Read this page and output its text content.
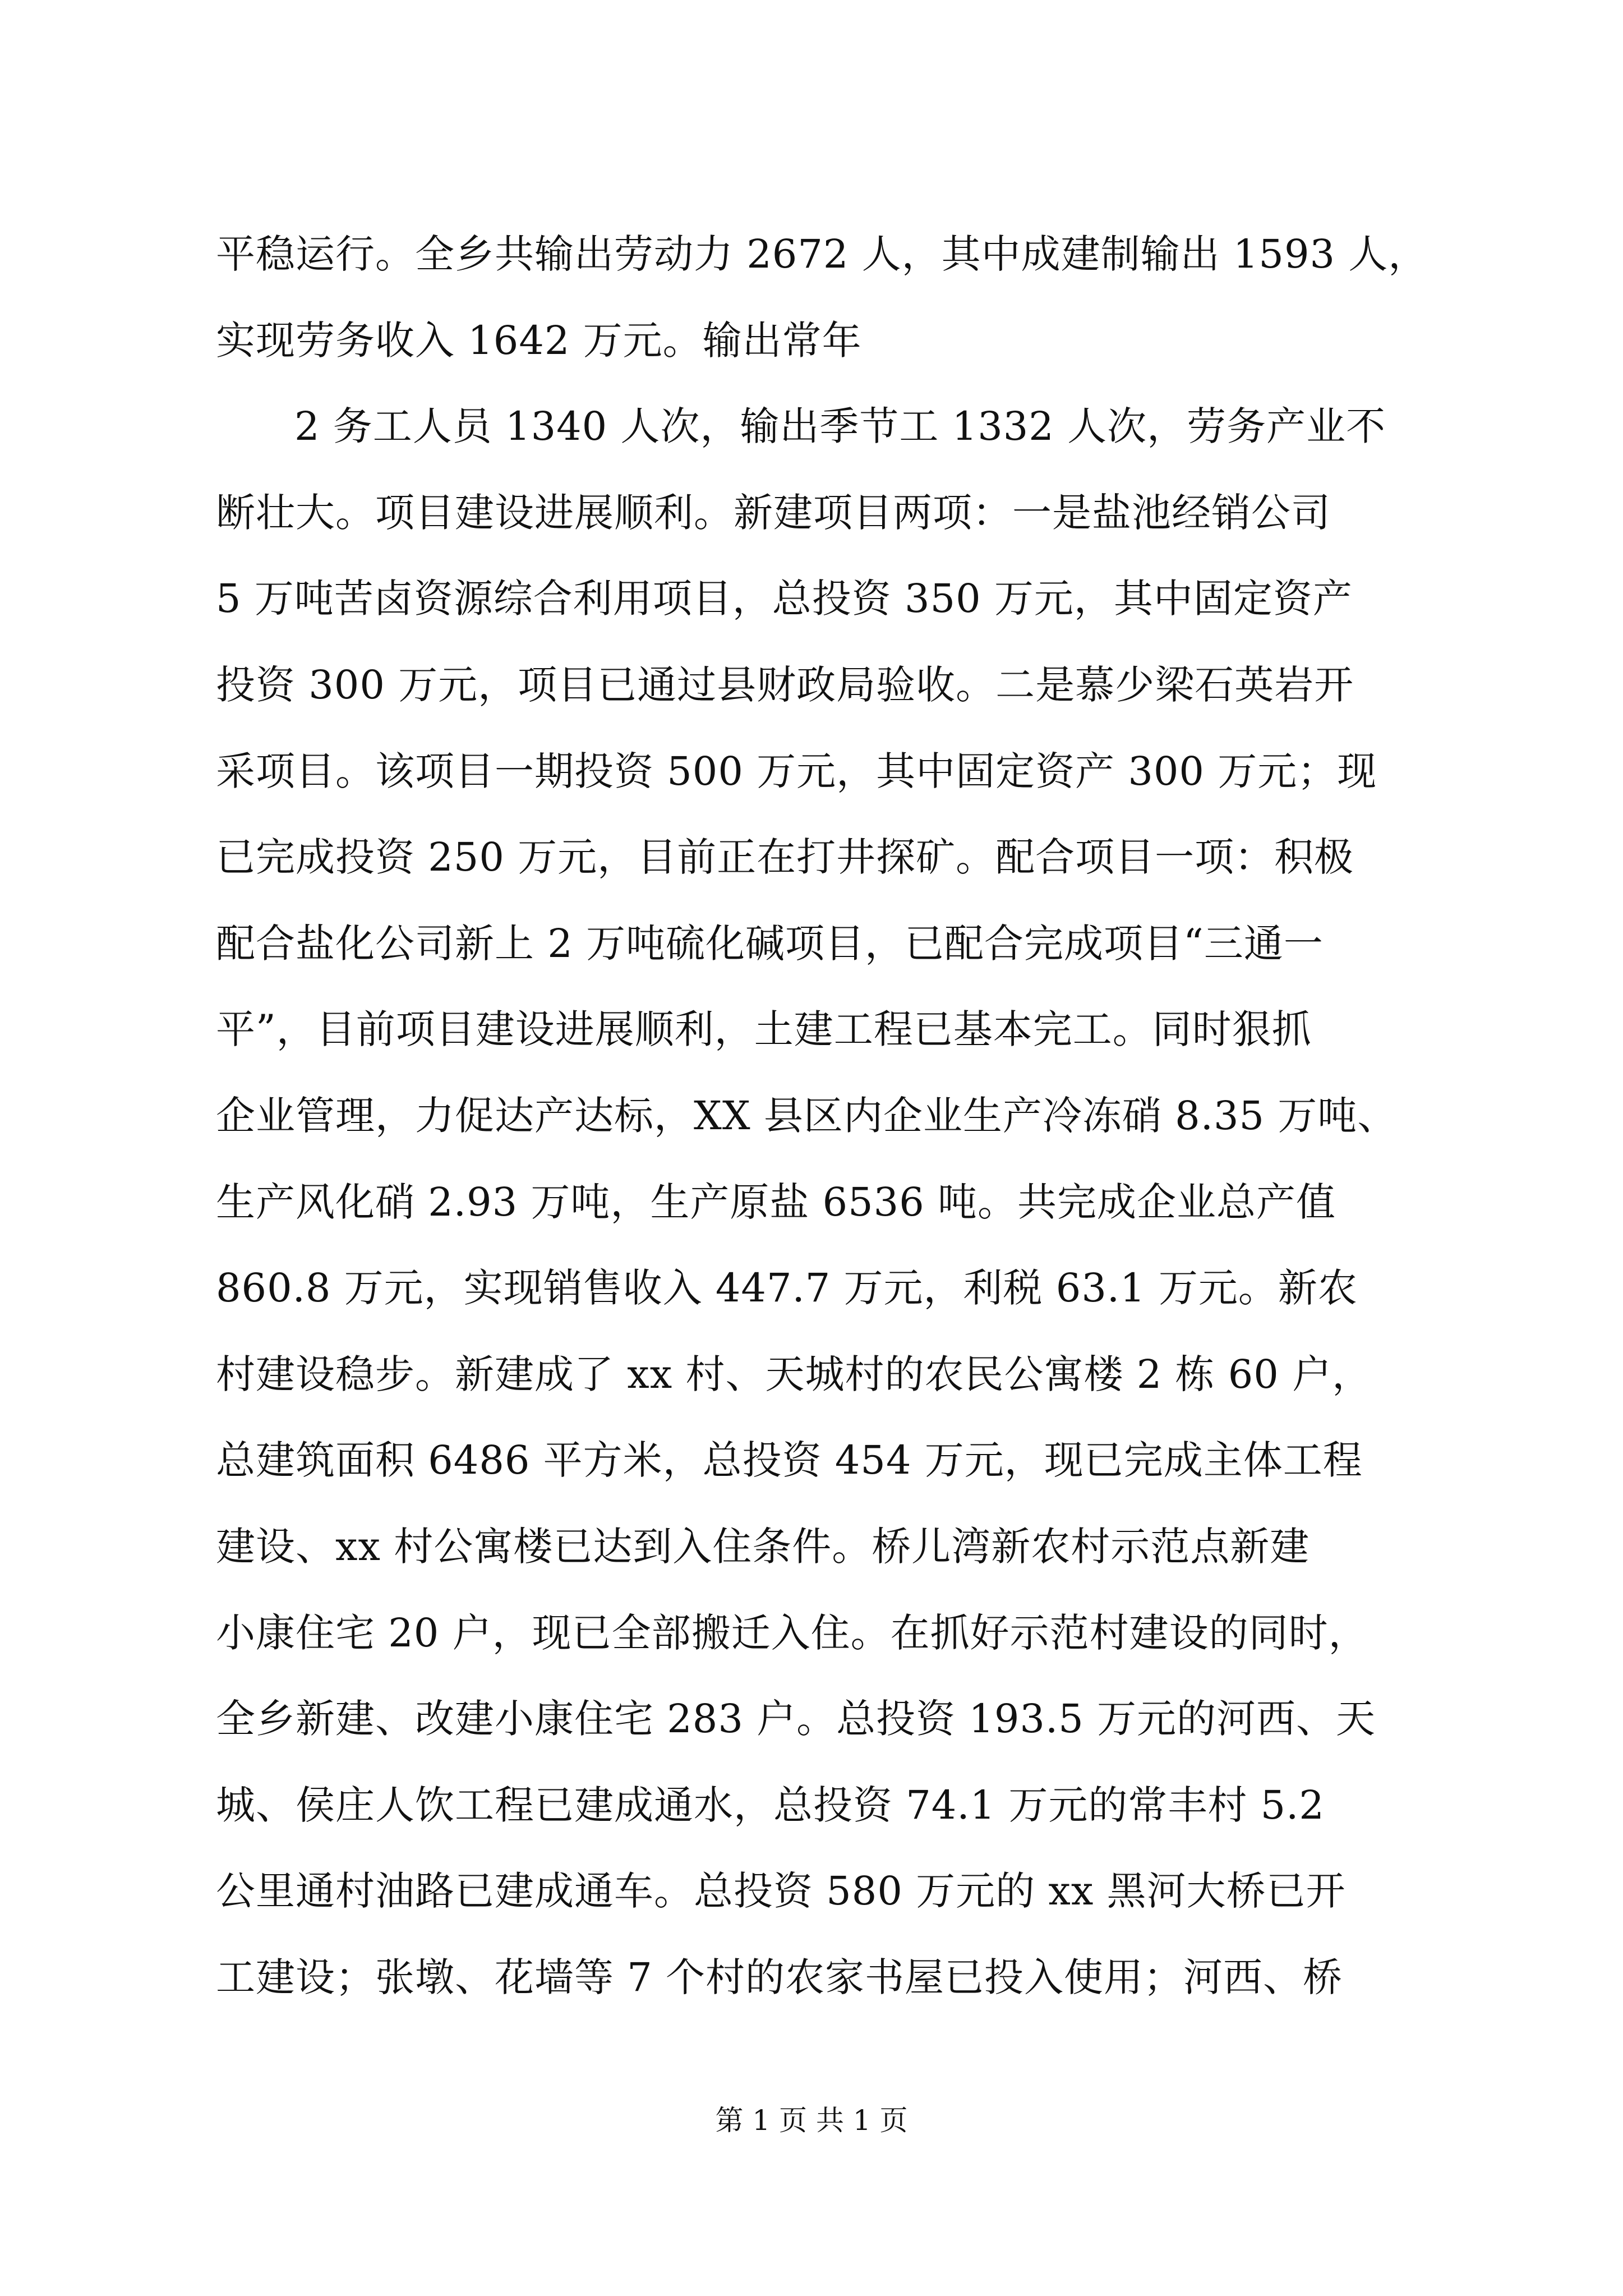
平稳运行。全乡共输出劳动力 2672 人，其中成建制输出 1593 人，
实现劳务收入 1642 万元。输出常年
2 务工人员 1340 人次，输出季节工 1332 人次，劳务产业不
断壮大。项目建设进展顺利。新建项目两项：一是盐池经销公司
5 万吨苦卤资源综合利用项目，总投资 350 万元，其中固定资产
投资 300 万元，项目已通过县财政局验收。二是慕少梁石英岩开
采项目。该项目一期投资 500 万元，其中固定资产 300 万元；现
已完成投资 250 万元，目前正在打井探矿。配合项目一项：积极
配合盐化公司新上 2 万吨硫化碱项目，已配合完成项目“三通一
平”，目前项目建设进展顺利，土建工程已基本完工。同时狠抓
企业管理，力促达产达标，XX 县区内企业生产冷冻硝 8.35 万吨、
生产风化硝 2.93 万吨，生产原盐 6536 吨。共完成企业总产值
860.8 万元，实现销售收入 447.7 万元，利税 63.1 万元。新农
村建设稳步。新建成了 xx 村、天城村的农民公寓楼 2 栋 60 户，
总建筑面积 6486 平方米，总投资 454 万元，现已完成主体工程
建设、xx 村公寓楼已达到入住条件。桥儿湾新农村示范点新建
小康住宅 20 户，现已全部搬迁入住。在抓好示范村建设的同时，
全乡新建、改建小康住宅 283 户。总投资 193.5 万元的河西、天
城、侯庄人饮工程已建成通水，总投资 74.1 万元的常丰村 5.2
公里通村油路已建成通车。总投资 580 万元的 xx 黑河大桥已开
工建设；张墩、花墙等 7 个村的农家书屋已投入使用；河西、桥
第 1 页 共 1 页
